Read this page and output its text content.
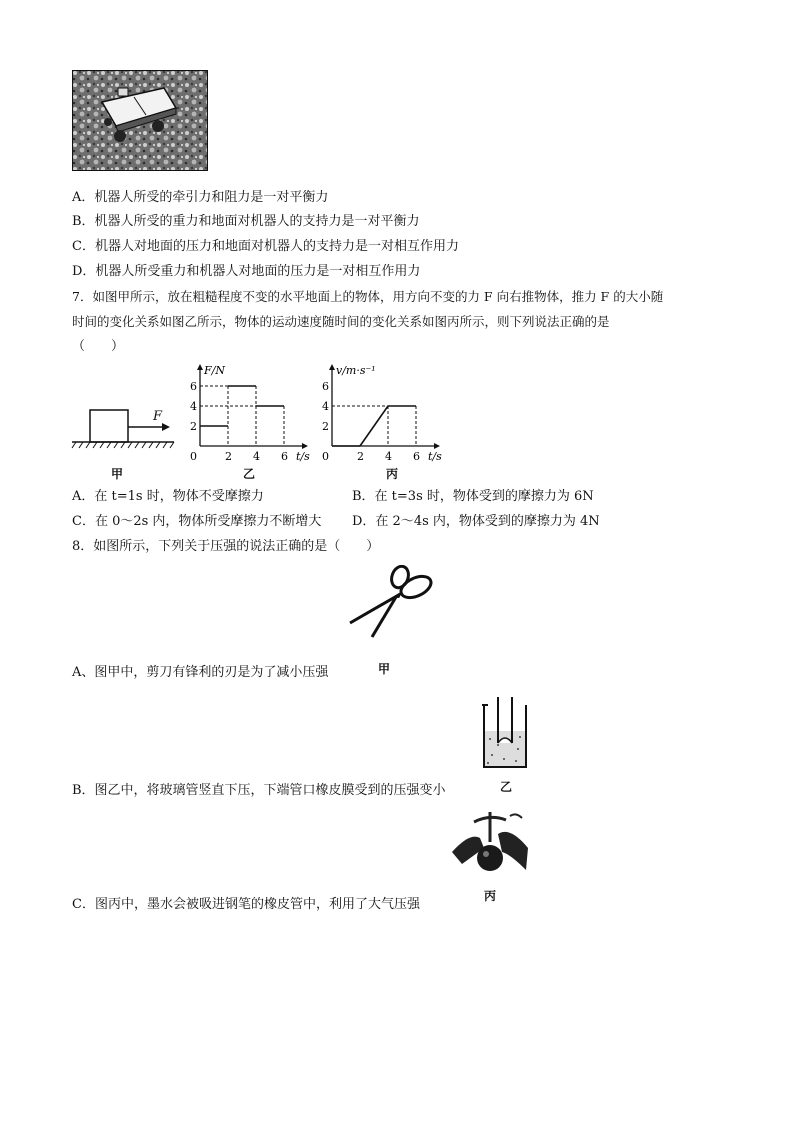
A．机器人所受的牵引力和阻力是一对平衡力
B．机器人所受的重力和地面对机器人的支持力是一对平衡力
C．机器人对地面的压力和地面对机器人的支持力是一对相互作用力
D．机器人所受重力和机器人对地面的压力是一对相互作用力
7．如图甲所示，放在粗糙程度不变的水平地面上的物体，用方向不变的力 F 向右推物体，推力 F 的大小随
时间的变化关系如图乙所示，物体的运动速度随时间的变化关系如图丙所示，则下列说法正确的是
（　　）
F
甲
F/N
t/s
0	2 4 6
2
4
6
乙
v/m·s⁻¹
t/s
0	2 4 6
2
4
6
丙
A．在 t=1s 时，物体不受摩擦力	B．在 t=3s 时，物体受到的摩擦力为 6N
C．在 0～2s 内，物体所受摩擦力不断增大 D．在 2～4s 内，物体受到的摩擦力为 4N
8．如图所示，下列关于压强的说法正确的是（　　）
甲
A、图甲中，剪刀有锋利的刃是为了减小压强
乙
B．图乙中，将玻璃管竖直下压，下端管口橡皮膜受到的压强变小
丙
C．图丙中，墨水会被吸进钢笔的橡皮管中，利用了大气压强
